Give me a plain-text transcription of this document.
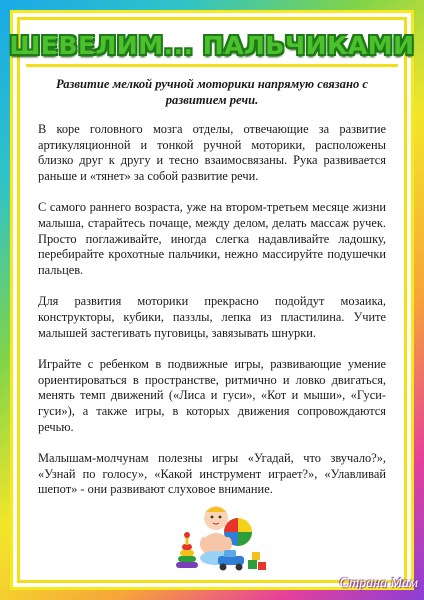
ШЕВЕЛИМ... ПАЛЬЧИКАМИ

Развитие мелкой ручной моторики напрямую связано с развитием речи.

В коре головного мозга отделы, отвечающие за развитие артикуляционной и тонкой ручной моторики, расположены близко друг к другу и тесно взаимосвязаны. Рука развивается раньше и «тянет» за собой развитие речи.

С самого раннего возраста, уже на втором-третьем месяце жизни малыша, старайтесь почаще, между делом, делать массаж ручек. Просто поглаживайте, иногда слегка надавливайте ладошку, перебирайте крохотные пальчики, нежно массируйте подушечки пальцев.

Для развития моторики прекрасно подойдут мозаика, конструкторы, кубики, паззлы, лепка из пластилина. Учите малышей застегивать пуговицы, завязывать шнурки.

Играйте с ребенком в подвижные игры, развивающие умение ориентироваться в пространстве, ритмично и ловко двигаться, менять темп движений («Лиса и гуси», «Кот и мыши», «Гуси-гуси»), а также игры, в которых движения сопровождаются речью.

Малышам-молчунам полезны игры «Угадай, что звучало?», «Узнай по голосу», «Какой инструмент играет?», «Улавливай шепот» - они развивают слуховое внимание.

Страна Мам
